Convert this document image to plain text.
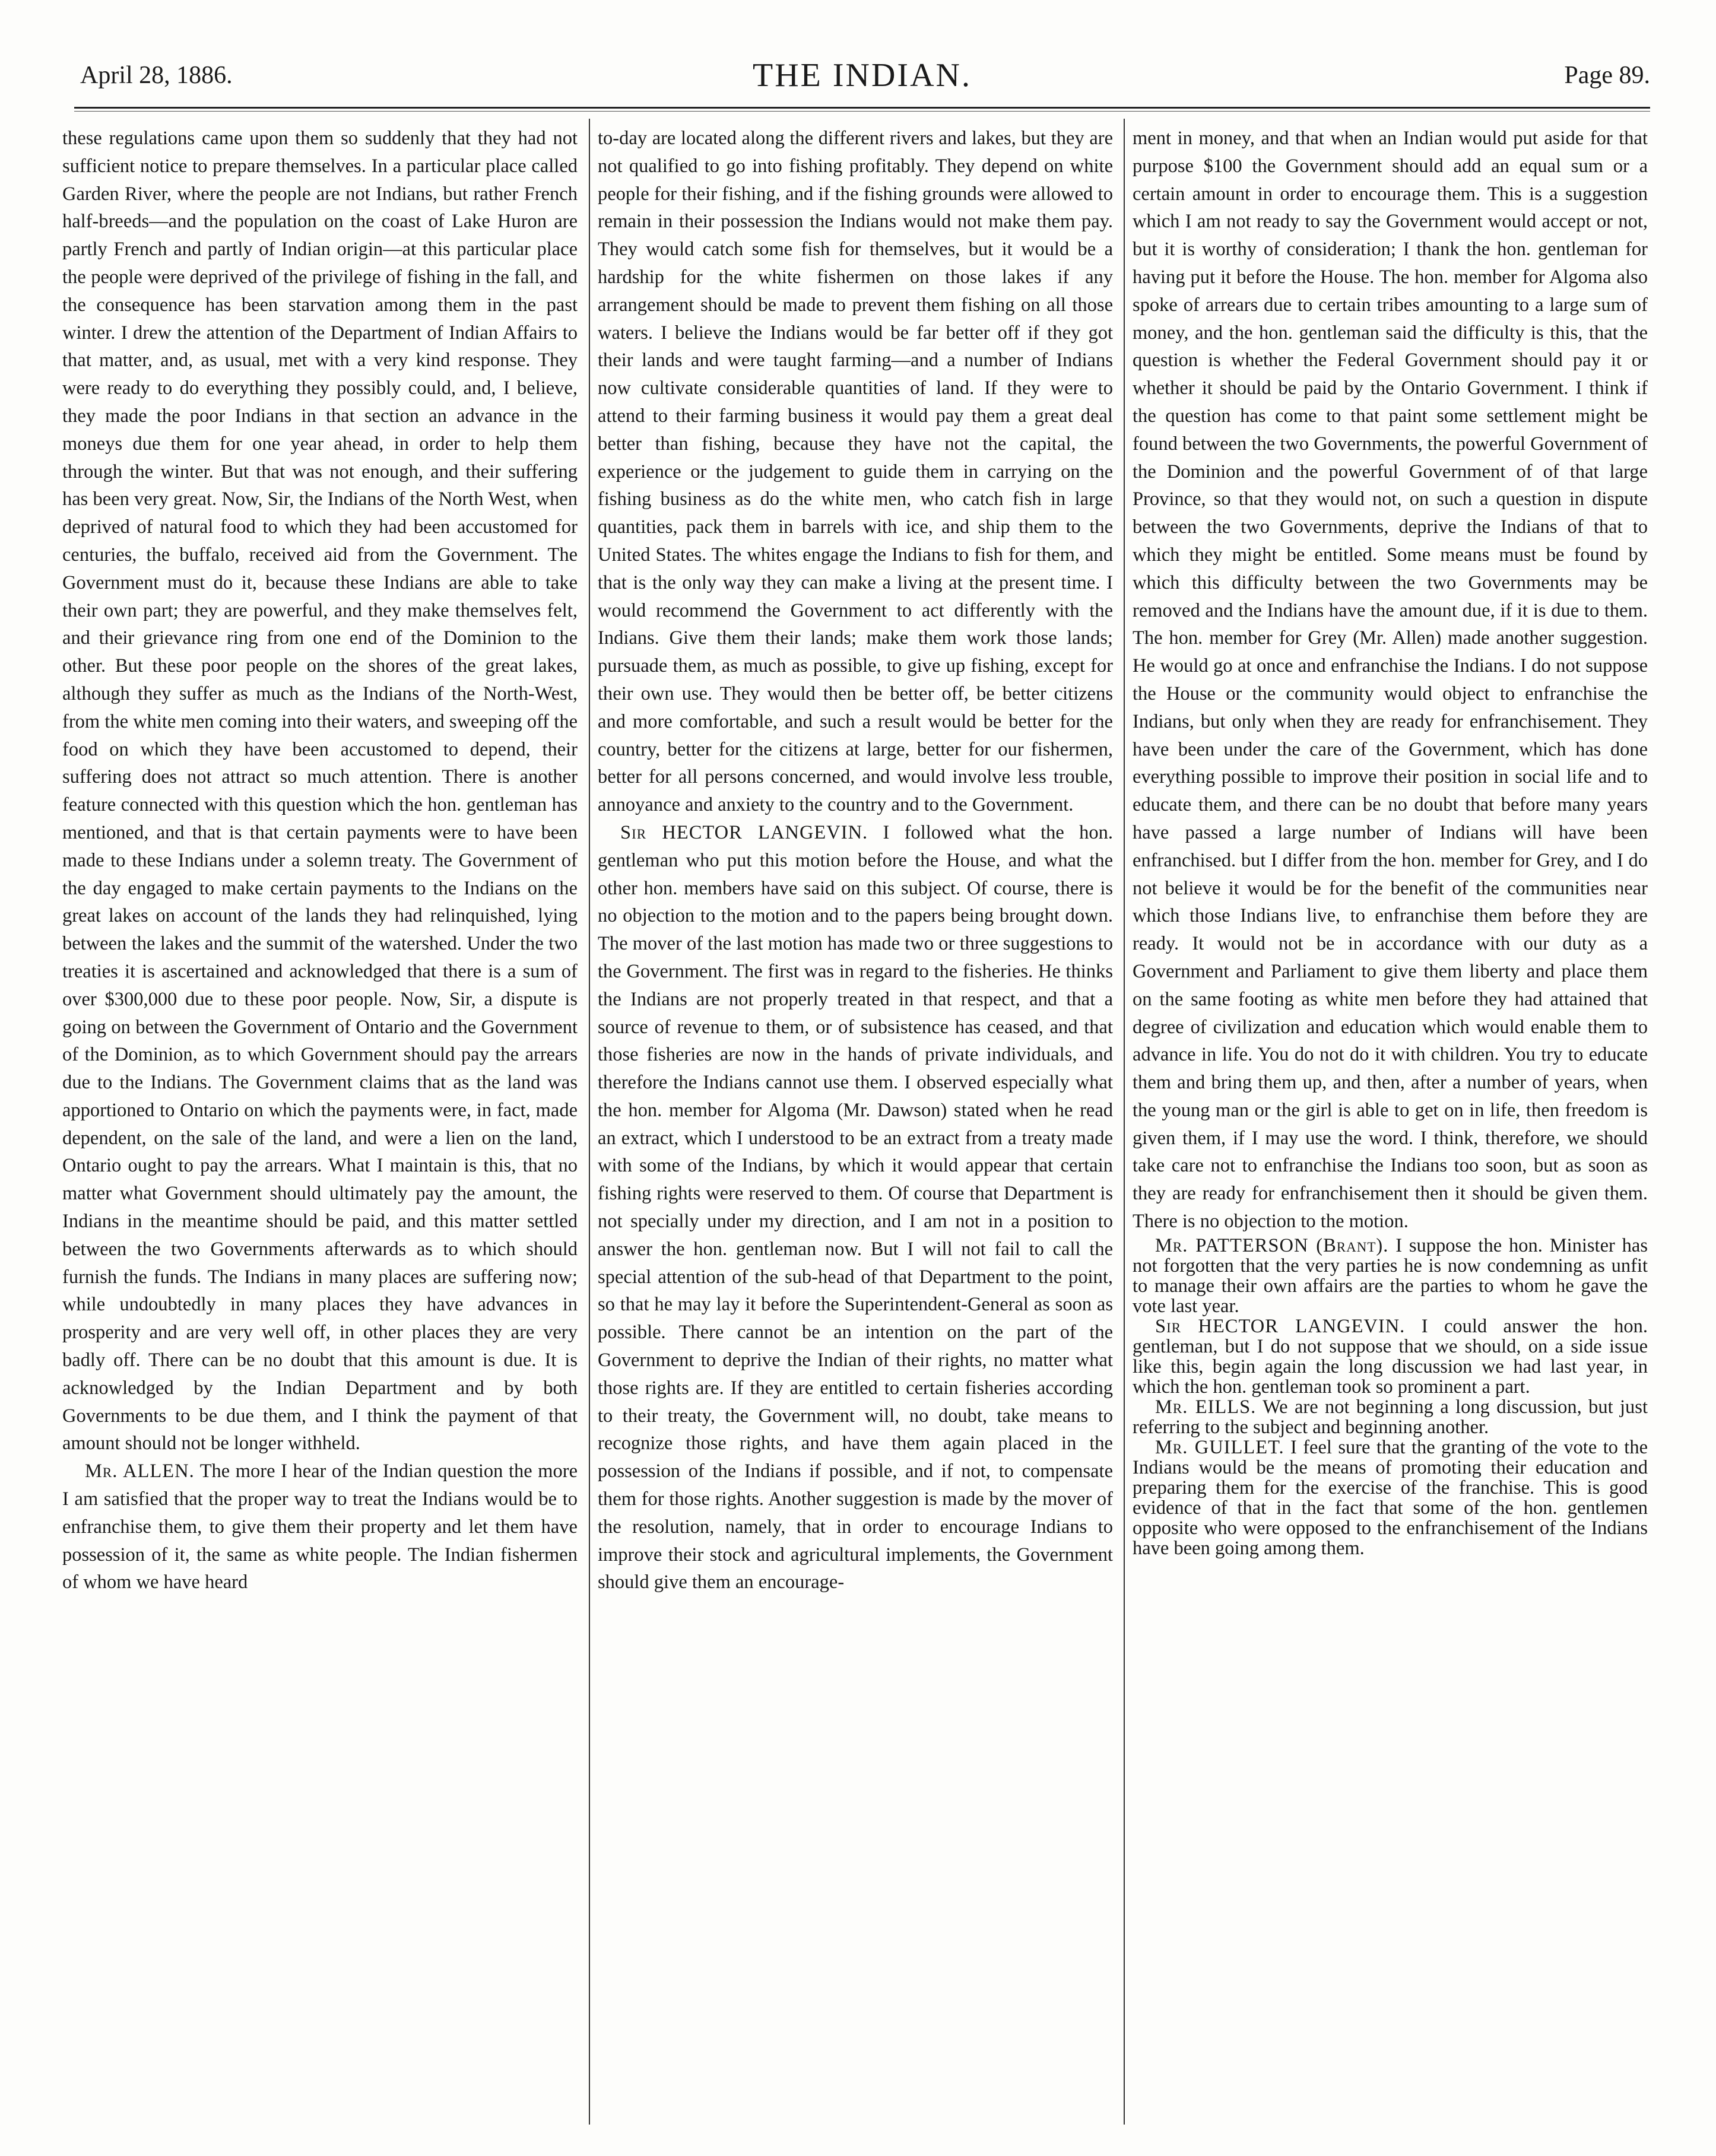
April 28, 1886.	THE INDIAN.	Page 89.

these regulations came upon them so suddenly that they had not sufficient notice to prepare themselves. In a particular place called Garden River, where the people are not Indians, but rather French half-breeds—and the population on the coast of Lake Huron are partly French and partly of Indian origin—at this particular place the people were deprived of the privilege of fishing in the fall, and the consequence has been starvation among them in the past winter. I drew the attention of the Department of Indian Affairs to that matter, and, as usual, met with a very kind response. They were ready to do everything they possibly could, and, I believe, they made the poor Indians in that section an advance in the moneys due them for one year ahead, in order to help them through the winter. But that was not enough, and their suffering has been very great. Now, Sir, the Indians of the North West, when deprived of natural food to which they had been accustomed for centuries, the buffalo, received aid from the Government. The Government must do it, because these Indians are able to take their own part; they are powerful, and they make themselves felt, and their grievance ring from one end of the Dominion to the other. But these poor people on the shores of the great lakes, although they suffer as much as the Indians of the North-West, from the white men coming into their waters, and sweeping off the food on which they have been accustomed to depend, their suffering does not attract so much attention. There is another feature connected with this question which the hon. gentleman has mentioned, and that is that certain payments were to have been made to these Indians under a solemn treaty. The Government of the day engaged to make certain payments to the Indians on the great lakes on account of the lands they had relinquished, lying between the lakes and the summit of the watershed. Under the two treaties it is ascertained and acknowledged that there is a sum of over $300,000 due to these poor people. Now, Sir, a dispute is going on between the Government of Ontario and the Government of the Dominion, as to which Government should pay the arrears due to the Indians. The Government claims that as the land was apportioned to Ontario on which the payments were, in fact, made dependent, on the sale of the land, and were a lien on the land, Ontario ought to pay the arrears. What I maintain is this, that no matter what Government should ultimately pay the amount, the Indians in the meantime should be paid, and this matter settled between the two Governments afterwards as to which should furnish the funds. The Indians in many places are suffering now; while undoubtedly in many places they have advances in prosperity and are very well off, in other places they are very badly off. There can be no doubt that this amount is due. It is acknowledged by the Indian Department and by both Governments to be due them, and I think the payment of that amount should not be longer withheld.

Mr. ALLEN. The more I hear of the Indian question the more I am satisfied that the proper way to treat the Indians would be to enfranchise them, to give them their property and let them have possession of it, the same as white people. The Indian fishermen of whom we have heard

to-day are located along the different rivers and lakes, but they are not qualified to go into fishing profitably. They depend on white people for their fishing, and if the fishing grounds were allowed to remain in their possession the Indians would not make them pay. They would catch some fish for themselves, but it would be a hardship for the white fishermen on those lakes if any arrangement should be made to prevent them fishing on all those waters. I believe the Indians would be far better off if they got their lands and were taught farming—and a number of Indians now cultivate considerable quantities of land. If they were to attend to their farming business it would pay them a great deal better than fishing, because they have not the capital, the experience or the judgement to guide them in carrying on the fishing business as do the white men, who catch fish in large quantities, pack them in barrels with ice, and ship them to the United States. The whites engage the Indians to fish for them, and that is the only way they can make a living at the present time. I would recommend the Government to act differently with the Indians. Give them their lands; make them work those lands; pursuade them, as much as possible, to give up fishing, except for their own use. They would then be better off, be better citizens and more comfortable, and such a result would be better for the country, better for the citizens at large, better for our fishermen, better for all persons concerned, and would involve less trouble, annoyance and anxiety to the country and to the Government.

Sir HECTOR LANGEVIN. I followed what the hon. gentleman who put this motion before the House, and what the other hon. members have said on this subject. Of course, there is no objection to the motion and to the papers being brought down. The mover of the last motion has made two or three suggestions to the Government. The first was in regard to the fisheries. He thinks the Indians are not properly treated in that respect, and that a source of revenue to them, or of subsistence has ceased, and that those fisheries are now in the hands of private individuals, and therefore the Indians cannot use them. I observed especially what the hon. member for Algoma (Mr. Dawson) stated when he read an extract, which I understood to be an extract from a treaty made with some of the Indians, by which it would appear that certain fishing rights were reserved to them. Of course that Department is not specially under my direction, and I am not in a position to answer the hon. gentleman now. But I will not fail to call the special attention of the sub-head of that Department to the point, so that he may lay it before the Superintendent-General as soon as possible. There cannot be an intention on the part of the Government to deprive the Indian of their rights, no matter what those rights are. If they are entitled to certain fisheries according to their treaty, the Government will, no doubt, take means to recognize those rights, and have them again placed in the possession of the Indians if possible, and if not, to compensate them for those rights. Another suggestion is made by the mover of the resolution, namely, that in order to encourage Indians to improve their stock and agricultural implements, the Government should give them an encourage-

ment in money, and that when an Indian would put aside for that purpose $100 the Government should add an equal sum or a certain amount in order to encourage them. This is a suggestion which I am not ready to say the Government would accept or not, but it is worthy of consideration; I thank the hon. gentleman for having put it before the House. The hon. member for Algoma also spoke of arrears due to certain tribes amounting to a large sum of money, and the hon. gentleman said the difficulty is this, that the question is whether the Federal Government should pay it or whether it should be paid by the Ontario Government. I think if the question has come to that paint some settlement might be found between the two Governments, the powerful Government of the Dominion and the powerful Government of of that large Province, so that they would not, on such a question in dispute between the two Governments, deprive the Indians of that to which they might be entitled. Some means must be found by which this difficulty between the two Governments may be removed and the Indians have the amount due, if it is due to them. The hon. member for Grey (Mr. Allen) made another suggestion. He would go at once and enfranchise the Indians. I do not suppose the House or the community would object to enfranchise the Indians, but only when they are ready for enfranchisement. They have been under the care of the Government, which has done everything possible to improve their position in social life and to educate them, and there can be no doubt that before many years have passed a large number of Indians will have been enfranchised. but I differ from the hon. member for Grey, and I do not believe it would be for the benefit of the communities near which those Indians live, to enfranchise them before they are ready. It would not be in accordance with our duty as a Government and Parliament to give them liberty and place them on the same footing as white men before they had attained that degree of civilization and education which would enable them to advance in life. You do not do it with children. You try to educate them and bring them up, and then, after a number of years, when the young man or the girl is able to get on in life, then freedom is given them, if I may use the word. I think, therefore, we should take care not to enfranchise the Indians too soon, but as soon as they are ready for enfranchisement then it should be given them. There is no objection to the motion.

Mr. PATTERSON (Brant). I suppose the hon. Minister has not forgotten that the very parties he is now condemning as unfit to manage their own affairs are the parties to whom he gave the vote last year.

Sir HECTOR LANGEVIN. I could answer the hon. gentleman, but I do not suppose that we should, on a side issue like this, begin again the long discussion we had last year, in which the hon. gentleman took so prominent a part.

Mr. EILLS. We are not beginning a long discussion, but just referring to the subject and beginning another.

Mr. GUILLET. I feel sure that the granting of the vote to the Indians would be the means of promoting their education and preparing them for the exercise of the franchise. This is good evidence of that in the fact that some of the hon. gentlemen opposite who were opposed to the enfranchisement of the Indians have been going among them.
